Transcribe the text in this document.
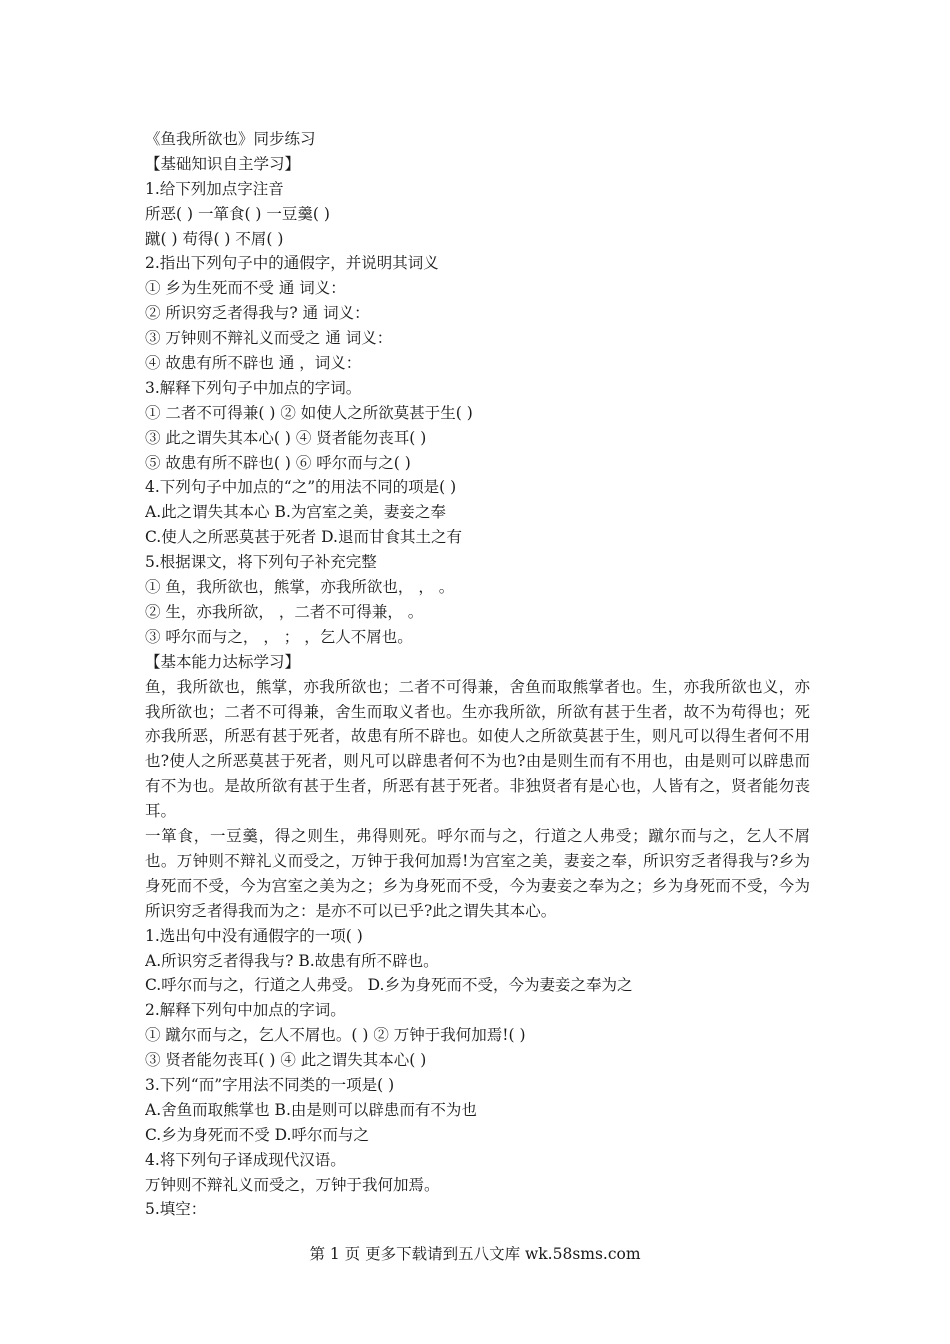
《鱼我所欲也》同步练习
【基础知识自主学习】
1.给下列加点字注音
所恶( ) 一箪食( ) 一豆羹( )
蹴( ) 苟得( ) 不屑( )
2.指出下列句子中的通假字，并说明其词义
① 乡为生死而不受 通 词义：
② 所识穷乏者得我与? 通 词义：
③ 万钟则不辩礼义而受之 通 词义：
④ 故患有所不辟也 通 ，词义：
3.解释下列句子中加点的字词。
① 二者不可得兼( ) ② 如使人之所欲莫甚于生( )
③ 此之谓失其本心( ) ④ 贤者能勿丧耳( )
⑤ 故患有所不辟也( ) ⑥ 呼尔而与之( )
4.下列句子中加点的“之”的用法不同的项是( )
A.此之谓失其本心 B.为宫室之美，妻妾之奉
C.使人之所恶莫甚于死者 D.退而甘食其土之有
5.根据课文，将下列句子补充完整
① 鱼，我所欲也，熊掌，亦我所欲也， ， 。
② 生，亦我所欲， ，二者不可得兼， 。
③ 呼尔而与之， ， ； ，乞人不屑也。
【基本能力达标学习】
鱼，我所欲也，熊掌，亦我所欲也；二者不可得兼，舍鱼而取熊掌者也。生，亦我所欲也义，亦我所欲也；二者不可得兼，舍生而取义者也。生亦我所欲，所欲有甚于生者，故不为苟得也；死亦我所恶，所恶有甚于死者，故患有所不辟也。如使人之所欲莫甚于生，则凡可以得生者何不用也?使人之所恶莫甚于死者，则凡可以辟患者何不为也?由是则生而有不用也，由是则可以辟患而有不为也。是故所欲有甚于生者，所恶有甚于死者。非独贤者有是心也，人皆有之，贤者能勿丧耳。
一箪食，一豆羹，得之则生，弗得则死。呼尔而与之，行道之人弗受；蹴尔而与之，乞人不屑也。万钟则不辩礼义而受之，万钟于我何加焉!为宫室之美，妻妾之奉，所识穷乏者得我与?乡为身死而不受，今为宫室之美为之；乡为身死而不受，今为妻妾之奉为之；乡为身死而不受，今为所识穷乏者得我而为之：是亦不可以已乎?此之谓失其本心。
1.选出句中没有通假字的一项( )
A.所识穷乏者得我与? B.故患有所不辟也。
C.呼尔而与之，行道之人弗受。 D.乡为身死而不受，今为妻妾之奉为之
2.解释下列句中加点的字词。
① 蹴尔而与之，乞人不屑也。( ) ② 万钟于我何加焉!( )
③ 贤者能勿丧耳( ) ④ 此之谓失其本心( )
3.下列“而”字用法不同类的一项是( )
A.舍鱼而取熊掌也 B.由是则可以辟患而有不为也
C.乡为身死而不受 D.呼尔而与之
4.将下列句子译成现代汉语。
万钟则不辩礼义而受之，万钟于我何加焉。
5.填空：
第 1 页 更多下载请到五八文库 wk.58sms.com
